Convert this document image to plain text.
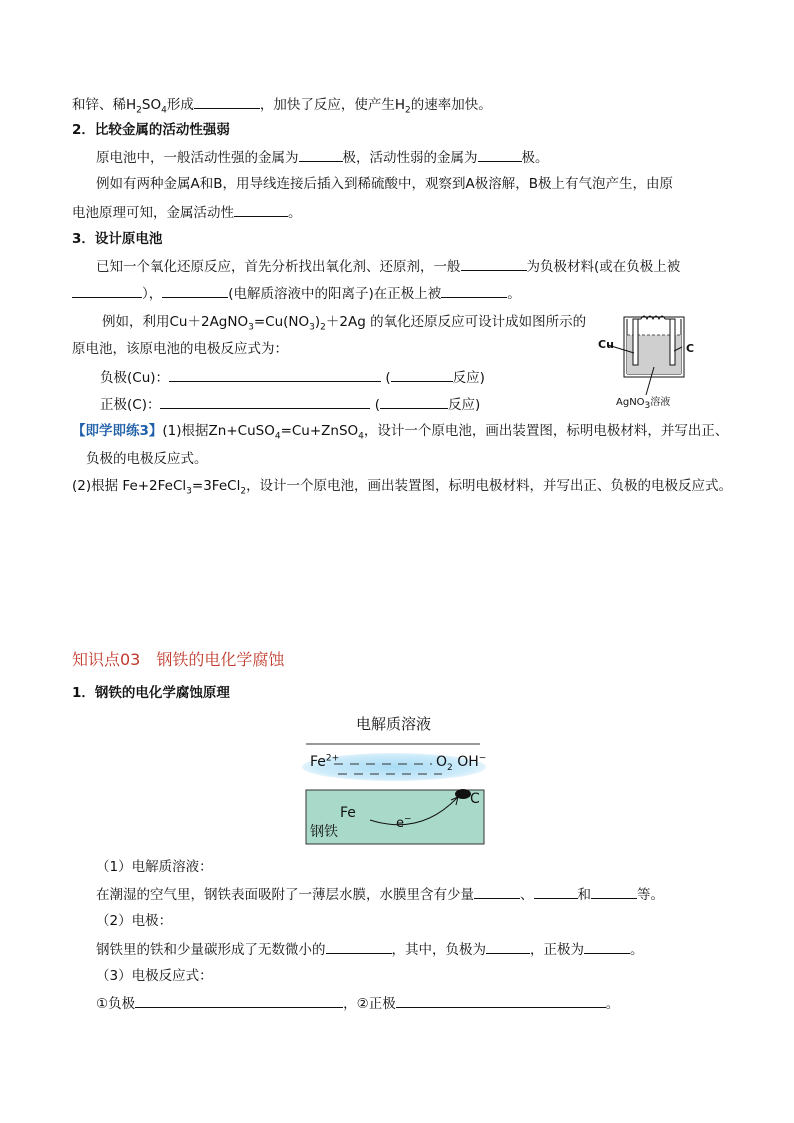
和锌、稀$H_2SO_4$形成	，加快了反应，使产生$H_2$的速率加快。
2．比较金属的活动性强弱
原电池中，一般活动性强的金属为	极，活动性弱的金属为	极。
例如有两种金属A和B，用导线连接后插入到稀硫酸中，观察到A极溶解，B极上有气泡产生，由原
电池原理可知，金属活动性	。
3．设计原电池
已知一个氧化还原反应，首先分析找出氧化剂、还原剂，一般	为负极材料(或在负极上被
），	(电解质溶液中的阳离子)在正极上被	。
例如，利用$Cu+2AgNO_3=Cu(NO_3)_2+2Ag$ 的氧化还原反应可设计成如图所示的
原电池，该原电池的电极反应式为：
负极(Cu)：	(	反应)
正极(C)：	(	反应)
Cu	C
AgNO$_3$溶液
【即学即练3】(1)根据Zn+CuSO$_4$=Cu+ZnSO$_4$，设计一个原电池，画出装置图，标明电极材料，并写出正、
负极的电极反应式。
(2)根据 Fe+2FeCl$_3$=3FeCl$_2$，设计一个原电池，画出装置图，标明电极材料，并写出正、负极的电极反应式。
知识点03　钢铁的电化学腐蚀
1．钢铁的电化学腐蚀原理
电解质溶液
$Fe^{2+}$	$O_2$ OH−
C
Fe
e−
钢铁
（1）电解质溶液：
在潮湿的空气里，钢铁表面吸附了一薄层水膜，水膜里含有少量	、	和	等。
（2）电极：
钢铁里的铁和少量碳形成了无数微小的	，其中，负极为	，正极为	。
（3）电极反应式：
①负极	，②正极	。
